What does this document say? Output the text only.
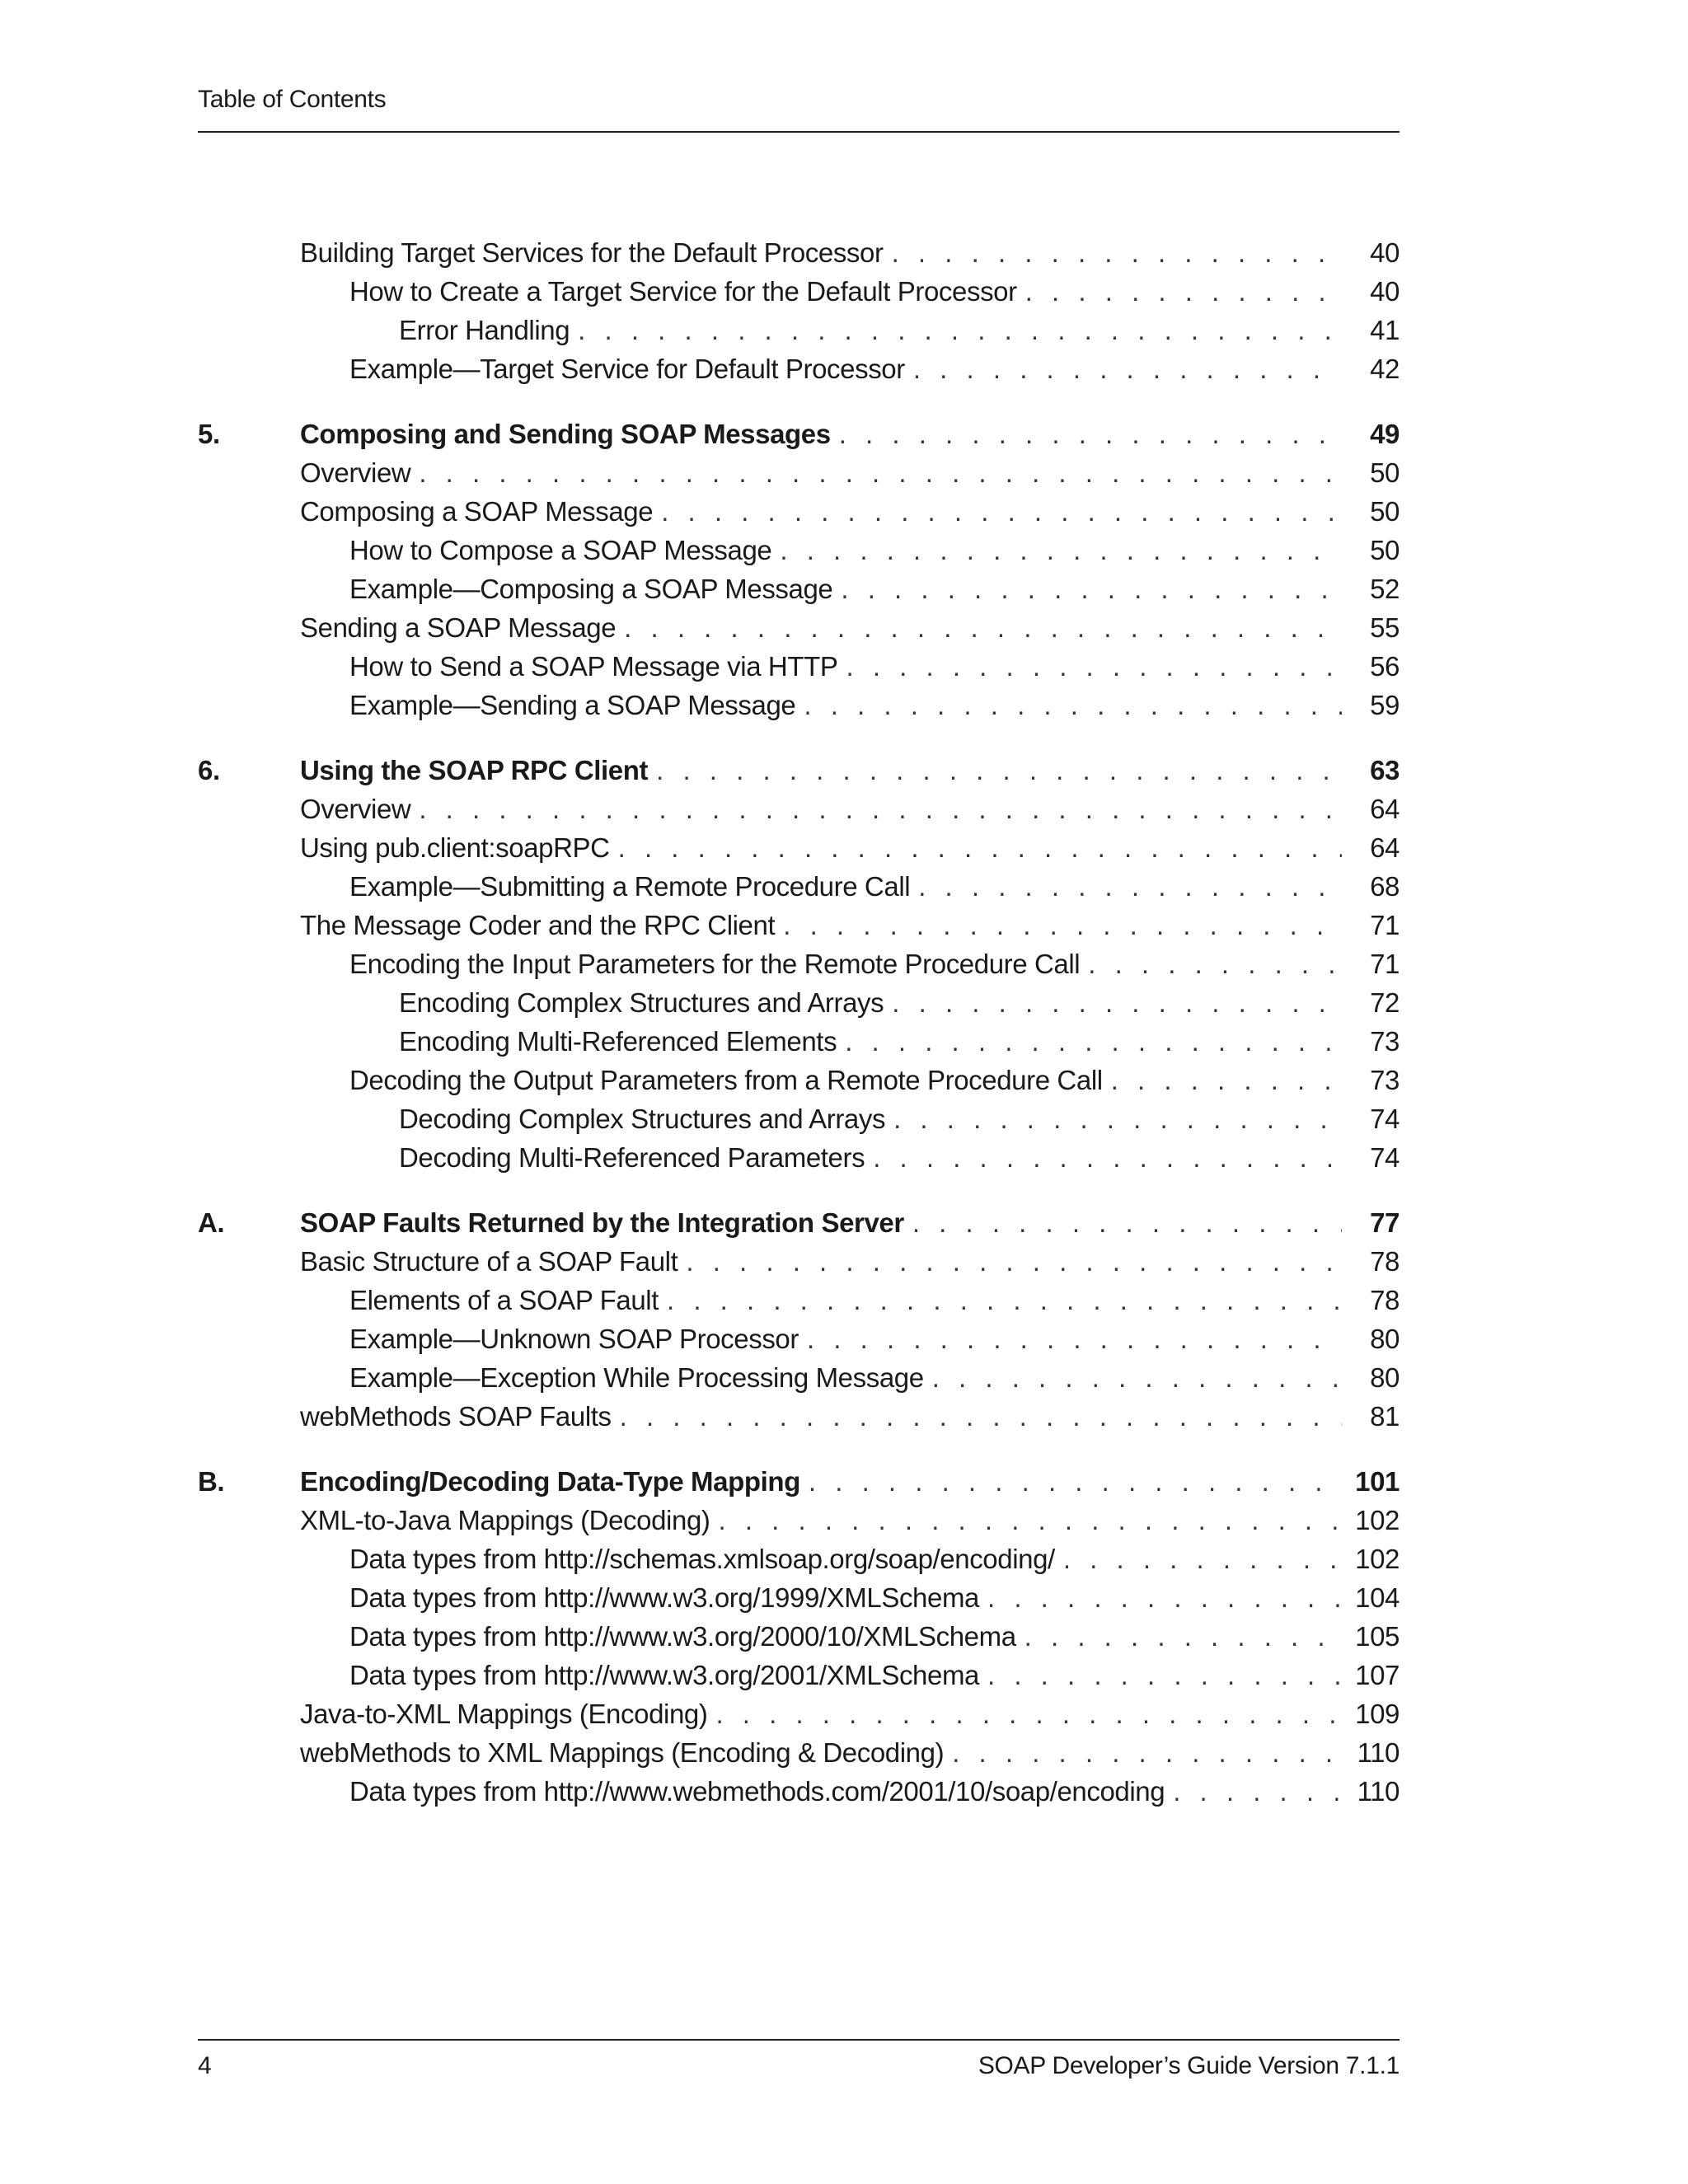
Table of Contents
Building Target Services for the Default Processor . . .	40
How to Create a Target Service for the Default Processor . . .	40
Error Handling . . .	41
Example—Target Service for Default Processor . . .	42
5.	Composing and Sending SOAP Messages . . .	49
Overview . . .	50
Composing a SOAP Message . . .	50
How to Compose a SOAP Message . . .	50
Example—Composing a SOAP Message . . .	52
Sending a SOAP Message . . .	55
How to Send a SOAP Message via HTTP . . .	56
Example—Sending a SOAP Message . . .	59
6.	Using the SOAP RPC Client . . .	63
Overview . . .	64
Using pub.client:soapRPC . . .	64
Example—Submitting a Remote Procedure Call . . .	68
The Message Coder and the RPC Client . . .	71
Encoding the Input Parameters for the Remote Procedure Call . . .	71
Encoding Complex Structures and Arrays . . .	72
Encoding Multi-Referenced Elements . . .	73
Decoding the Output Parameters from a Remote Procedure Call . . .	73
Decoding Complex Structures and Arrays . . .	74
Decoding Multi-Referenced Parameters . . .	74
A.	SOAP Faults Returned by the Integration Server . . .	77
Basic Structure of a SOAP Fault . . .	78
Elements of a SOAP Fault . . .	78
Example—Unknown SOAP Processor . . .	80
Example—Exception While Processing Message . . .	80
webMethods SOAP Faults . . .	81
B.	Encoding/Decoding Data-Type Mapping . . .	101
XML-to-Java Mappings (Decoding) . . .	102
Data types from http://schemas.xmlsoap.org/soap/encoding/ . . .	102
Data types from http://www.w3.org/1999/XMLSchema . . .	104
Data types from http://www.w3.org/2000/10/XMLSchema . . .	105
Data types from http://www.w3.org/2001/XMLSchema . . .	107
Java-to-XML Mappings (Encoding) . . .	109
webMethods to XML Mappings (Encoding & Decoding) . . .	110
Data types from http://www.webmethods.com/2001/10/soap/encoding . . .	110
4	SOAP Developer’s Guide Version 7.1.1
